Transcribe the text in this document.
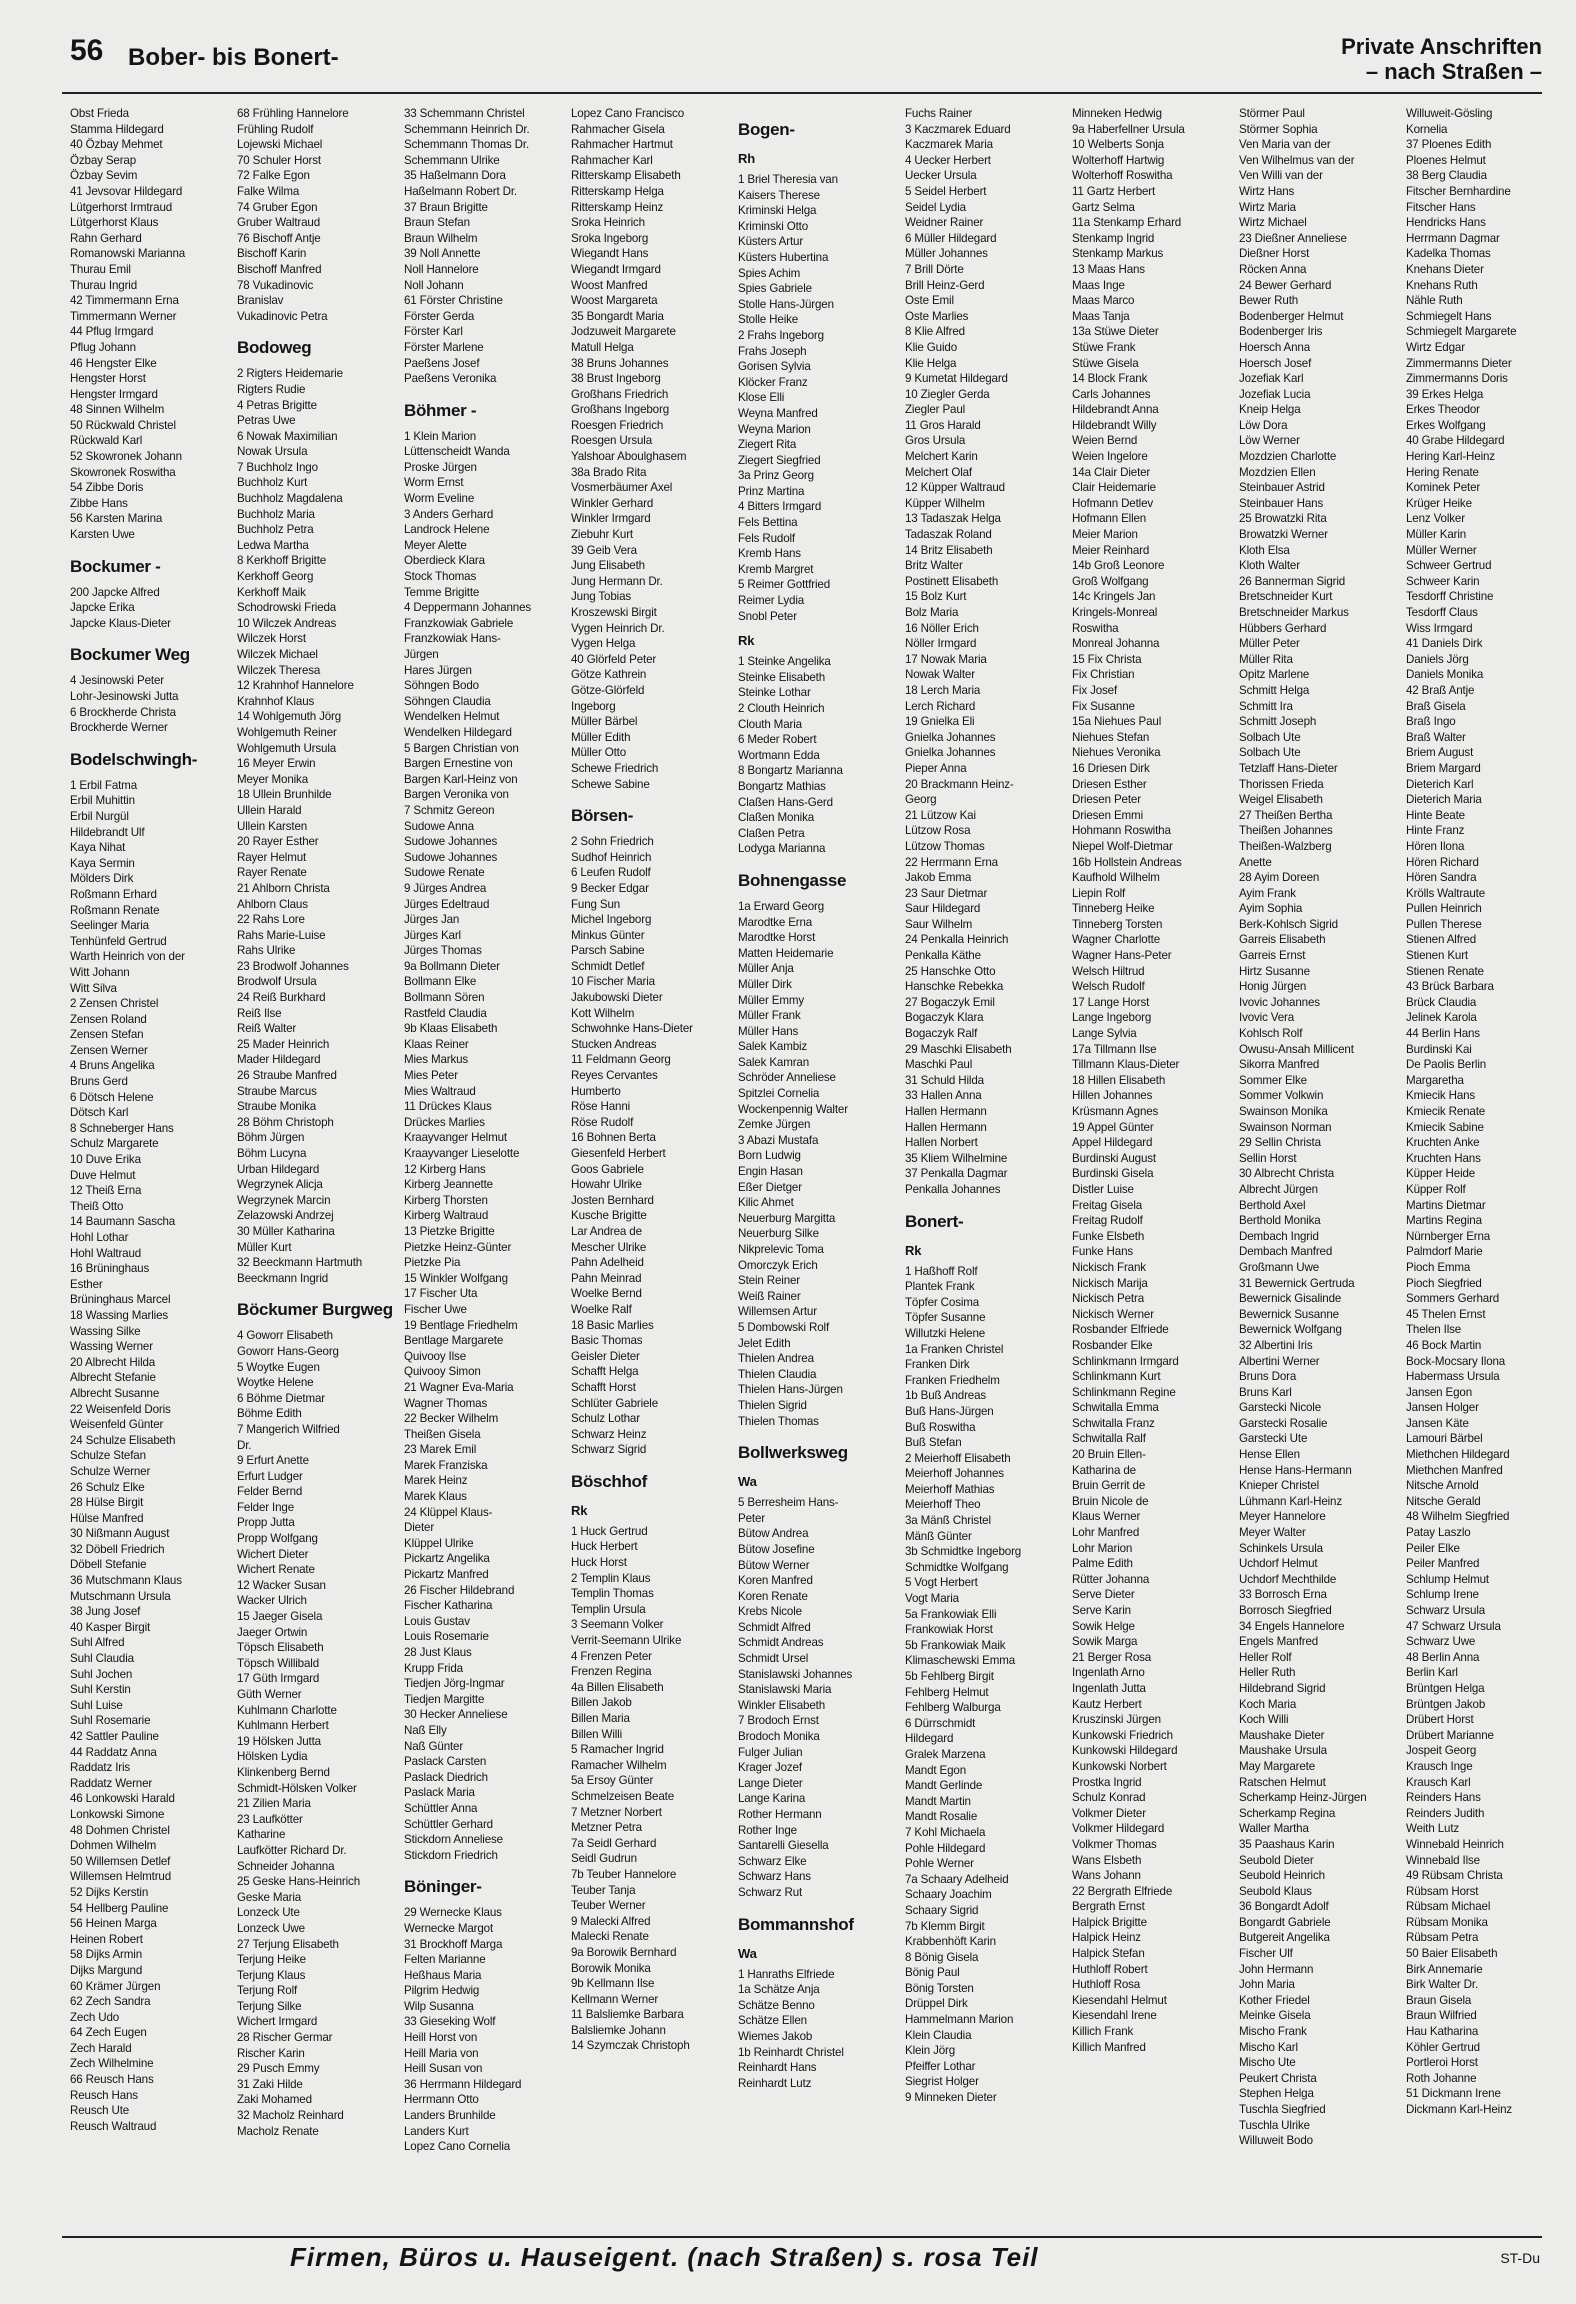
56 Bober- bis Bonert-	Private Anschriften
– nach Straßen –
Obst Frieda
Stamma Hildegard
40 Özbay Mehmet
Özbay Serap
Özbay Sevim
41 Jevsovar Hildegard
Lütgerhorst Irmtraud
Lütgerhorst Klaus
Rahn Gerhard
Romanowski Marianna
Thurau Emil
Thurau Ingrid
42 Timmermann Erna
Timmermann Werner
44 Pflug Irmgard
Pflug Johann
46 Hengster Elke
Hengster Horst
Hengster Irmgard
48 Sinnen Wilhelm
50 Rückwald Christel
Rückwald Karl
52 Skowronek Johann
Skowronek Roswitha
54 Zibbe Doris
Zibbe Hans
56 Karsten Marina
Karsten Uwe
Bockumer -
200 Japcke Alfred
Japcke Erika
Japcke Klaus-Dieter
Bockumer Weg
4 Jesinowski Peter
Lohr-Jesinowski Jutta
6 Brockherde Christa
Brockherde Werner
Bodelschwingh-
1 Erbil Fatma
Erbil Muhittin
Erbil Nurgül
Hildebrandt Ulf
Kaya Nihat
Kaya Sermin
Mölders Dirk
Roßmann Erhard
Roßmann Renate
Seelinger Maria
Tenhünfeld Gertrud
Warth Heinrich von der
Witt Johann
Witt Silva
2 Zensen Christel
Zensen Roland
Zensen Stefan
Zensen Werner
4 Bruns Angelika
Bruns Gerd
6 Dötsch Helene
Dötsch Karl
8 Schneberger Hans
Schulz Margarete
10 Duve Erika
Duve Helmut
12 Theiß Erna
Theiß Otto
14 Baumann Sascha
Hohl Lothar
Hohl Waltraud
16 Brüninghaus
Esther
Brüninghaus Marcel
18 Wassing Marlies
Wassing Silke
Wassing Werner
20 Albrecht Hilda
Albrecht Stefanie
Albrecht Susanne
22 Weisenfeld Doris
Weisenfeld Günter
24 Schulze Elisabeth
Schulze Stefan
Schulze Werner
26 Schulz Elke
28 Hülse Birgit
Hülse Manfred
30 Nißmann August
32 Döbell Friedrich
Döbell Stefanie
36 Mutschmann Klaus
Mutschmann Ursula
38 Jung Josef
40 Kasper Birgit
Suhl Alfred
Suhl Claudia
Suhl Jochen
Suhl Kerstin
Suhl Luise
Suhl Rosemarie
42 Sattler Pauline
44 Raddatz Anna
Raddatz Iris
Raddatz Werner
46 Lonkowski Harald
Lonkowski Simone
48 Dohmen Christel
Dohmen Wilhelm
50 Willemsen Detlef
Willemsen Helmtrud
52 Dijks Kerstin
54 Hellberg Pauline
56 Heinen Marga
Heinen Robert
58 Dijks Armin
Dijks Margund
60 Krämer Jürgen
62 Zech Sandra
Zech Udo
64 Zech Eugen
Zech Harald
Zech Wilhelmine
66 Reusch Hans
Reusch Hans
Reusch Ute
Reusch Waltraud
68 Frühling Hannelore
Frühling Rudolf
Lojewski Michael
70 Schuler Horst
72 Falke Egon
Falke Wilma
74 Gruber Egon
Gruber Waltraud
76 Bischoff Antje
Bischoff Karin
Bischoff Manfred
78 Vukadinovic
Branislav
Vukadinovic Petra
Bodoweg
2 Rigters Heidemarie
Rigters Rudie
4 Petras Brigitte
Petras Uwe
6 Nowak Maximilian
Nowak Ursula
7 Buchholz Ingo
Buchholz Kurt
Buchholz Magdalena
Buchholz Maria
Buchholz Petra
Ledwa Martha
8 Kerkhoff Brigitte
Kerkhoff Georg
Kerkhoff Maik
Schodrowski Frieda
10 Wilczek Andreas
Wilczek Horst
Wilczek Michael
Wilczek Theresa
12 Krahnhof Hannelore
Krahnhof Klaus
14 Wohlgemuth Jörg
Wohlgemuth Reiner
Wohlgemuth Ursula
16 Meyer Erwin
Meyer Monika
18 Ullein Brunhilde
Ullein Harald
Ullein Karsten
20 Rayer Esther
Rayer Helmut
Rayer Renate
21 Ahlborn Christa
Ahlborn Claus
22 Rahs Lore
Rahs Marie-Luise
Rahs Ulrike
23 Brodwolf Johannes
Brodwolf Ursula
24 Reiß Burkhard
Reiß Ilse
Reiß Walter
25 Mader Heinrich
Mader Hildegard
26 Straube Manfred
Straube Marcus
Straube Monika
28 Böhm Christoph
Böhm Jürgen
Böhm Lucyna
Urban Hildegard
Wegrzynek Alicja
Wegrzynek Marcin
Zelazowski Andrzej
30 Müller Katharina
Müller Kurt
32 Beeckmann Hartmuth
Beeckmann Ingrid
Böckumer Burgweg
4 Goworr Elisabeth
Goworr Hans-Georg
5 Woytke Eugen
Woytke Helene
6 Böhme Dietmar
Böhme Edith
7 Mangerich Wilfried
Dr.
9 Erfurt Anette
Erfurt Ludger
Felder Bernd
Felder Inge
Propp Jutta
Propp Wolfgang
Wichert Dieter
Wichert Renate
12 Wacker Susan
Wacker Ulrich
15 Jaeger Gisela
Jaeger Ortwin
Töpsch Elisabeth
Töpsch Willibald
17 Güth Irmgard
Güth Werner
Kuhlmann Charlotte
Kuhlmann Herbert
19 Hölsken Jutta
Hölsken Lydia
Klinkenberg Bernd
Schmidt-Hölsken Volker
21 Zilien Maria
23 Laufkötter
Katharine
Laufkötter Richard Dr.
Schneider Johanna
25 Geske Hans-Heinrich
Geske Maria
Lonzeck Ute
Lonzeck Uwe
27 Terjung Elisabeth
Terjung Heike
Terjung Klaus
Terjung Rolf
Terjung Silke
Wichert Irmgard
28 Rischer Germar
Rischer Karin
29 Pusch Emmy
31 Zaki Hilde
Zaki Mohamed
32 Macholz Reinhard
Macholz Renate
33 Schemmann Christel
Schemmann Heinrich Dr.
Schemmann Thomas Dr.
Schemmann Ulrike
35 Haßelmann Dora
Haßelmann Robert Dr.
37 Braun Brigitte
Braun Stefan
Braun Wilhelm
39 Noll Annette
Noll Hannelore
Noll Johann
61 Förster Christine
Förster Gerda
Förster Karl
Förster Marlene
Paeßens Josef
Paeßens Veronika
Böhmer -
1 Klein Marion
Lüttenscheidt Wanda
Proske Jürgen
Worm Ernst
Worm Eveline
3 Anders Gerhard
Landrock Helene
Meyer Alette
Oberdieck Klara
Stock Thomas
Temme Brigitte
4 Deppermann Johannes
Franzkowiak Gabriele
Franzkowiak Hans-
Jürgen
Hares Jürgen
Söhngen Bodo
Söhngen Claudia
Wendelken Helmut
Wendelken Hildegard
5 Bargen Christian von
Bargen Ernestine von
Bargen Karl-Heinz von
Bargen Veronika von
7 Schmitz Gereon
Sudowe Anna
Sudowe Johannes
Sudowe Johannes
Sudowe Renate
9 Jürges Andrea
Jürges Edeltraud
Jürges Jan
Jürges Karl
Jürges Thomas
9a Bollmann Dieter
Bollmann Elke
Bollmann Sören
Rastfeld Claudia
9b Klaas Elisabeth
Klaas Reiner
Mies Markus
Mies Peter
Mies Waltraud
11 Drückes Klaus
Drückes Marlies
Kraayvanger Helmut
Kraayvanger Lieselotte
12 Kirberg Hans
Kirberg Jeannette
Kirberg Thorsten
Kirberg Waltraud
13 Pietzke Brigitte
Pietzke Heinz-Günter
Pietzke Pia
15 Winkler Wolfgang
17 Fischer Uta
Fischer Uwe
19 Bentlage Friedhelm
Bentlage Margarete
Quivooy Ilse
Quivooy Simon
21 Wagner Eva-Maria
Wagner Thomas
22 Becker Wilhelm
Theißen Gisela
23 Marek Emil
Marek Franziska
Marek Heinz
Marek Klaus
24 Klüppel Klaus-
Dieter
Klüppel Ulrike
Pickartz Angelika
Pickartz Manfred
26 Fischer Hildebrand
Fischer Katharina
Louis Gustav
Louis Rosemarie
28 Just Klaus
Krupp Frida
Tiedjen Jörg-Ingmar
Tiedjen Margitte
30 Hecker Anneliese
Naß Elly
Naß Günter
Paslack Carsten
Paslack Diedrich
Paslack Maria
Schüttler Anna
Schüttler Gerhard
Stickdorn Anneliese
Stickdorn Friedrich
Böninger-
29 Wernecke Klaus
Wernecke Margot
31 Brockhoff Marga
Felten Marianne
Heßhaus Maria
Pilgrim Hedwig
Wilp Susanna
33 Gieseking Wolf
Heill Horst von
Heill Maria von
Heill Susan von
36 Herrmann Hildegard
Herrmann Otto
Landers Brunhilde
Landers Kurt
Lopez Cano Cornelia
Lopez Cano Francisco
Rahmacher Gisela
Rahmacher Hartmut
Rahmacher Karl
Ritterskamp Elisabeth
Ritterskamp Helga
Ritterskamp Heinz
Sroka Heinrich
Sroka Ingeborg
Wiegandt Hans
Wiegandt Irmgard
Woost Manfred
Woost Margareta
35 Bongardt Maria
Jodzuweit Margarete
Matull Helga
38 Bruns Johannes
38 Brust Ingeborg
Großhans Friedrich
Großhans Ingeborg
Roesgen Friedrich
Roesgen Ursula
Yalshoar Aboulghasem
38a Brado Rita
Vosmerbäumer Axel
Winkler Gerhard
Winkler Irmgard
Ziebuhr Kurt
39 Geib Vera
Jung Elisabeth
Jung Hermann Dr.
Jung Tobias
Kroszewski Birgit
Vygen Heinrich Dr.
Vygen Helga
40 Glörfeld Peter
Götze Kathrein
Götze-Glörfeld
Ingeborg
Müller Bärbel
Müller Edith
Müller Otto
Schewe Friedrich
Schewe Sabine
Börsen-
2 Sohn Friedrich
Sudhof Heinrich
6 Leufen Rudolf
9 Becker Edgar
Fung Sun
Michel Ingeborg
Minkus Günter
Parsch Sabine
Schmidt Detlef
10 Fischer Maria
Jakubowski Dieter
Kott Wilhelm
Schwohnke Hans-Dieter
Stucken Andreas
11 Feldmann Georg
Reyes Cervantes
Humberto
Röse Hanni
Röse Rudolf
16 Bohnen Berta
Giesenfeld Herbert
Goos Gabriele
Howahr Ulrike
Josten Bernhard
Kusche Brigitte
Lar Andrea de
Mescher Ulrike
Pahn Adelheid
Pahn Meinrad
Woelke Bernd
Woelke Ralf
18 Basic Marlies
Basic Thomas
Geisler Dieter
Schafft Helga
Schafft Horst
Schlüter Gabriele
Schulz Lothar
Schwarz Heinz
Schwarz Sigrid
Böschhof
Rk
1 Huck Gertrud
Huck Herbert
Huck Horst
2 Templin Klaus
Templin Thomas
Templin Ursula
3 Seemann Volker
Verrit-Seemann Ulrike
4 Frenzen Peter
Frenzen Regina
4a Billen Elisabeth
Billen Jakob
Billen Maria
Billen Willi
5 Ramacher Ingrid
Ramacher Wilhelm
5a Ersoy Günter
Schmelzeisen Beate
7 Metzner Norbert
Metzner Petra
7a Seidl Gerhard
Seidl Gudrun
7b Teuber Hannelore
Teuber Tanja
Teuber Werner
9 Malecki Alfred
Malecki Renate
9a Borowik Bernhard
Borowik Monika
9b Kellmann Ilse
Kellmann Werner
11 Balsliemke Barbara
Balsliemke Johann
14 Szymczak Christoph
Bogen-
Rh
1 Briel Theresia van
Kaisers Therese
Kriminski Helga
Kriminski Otto
Küsters Artur
Küsters Hubertina
Spies Achim
Spies Gabriele
Stolle Hans-Jürgen
Stolle Heike
2 Frahs Ingeborg
Frahs Joseph
Gorisen Sylvia
Klöcker Franz
Klose Elli
Weyna Manfred
Weyna Marion
Ziegert Rita
Ziegert Siegfried
3a Prinz Georg
Prinz Martina
4 Bitters Irmgard
Fels Bettina
Fels Rudolf
Kremb Hans
Kremb Margret
5 Reimer Gottfried
Reimer Lydia
Snobl Peter
Rk
1 Steinke Angelika
Steinke Elisabeth
Steinke Lothar
2 Clouth Heinrich
Clouth Maria
6 Meder Robert
Wortmann Edda
8 Bongartz Marianna
Bongartz Mathias
Claßen Hans-Gerd
Claßen Monika
Claßen Petra
Lodyga Marianna
Bohnengasse
1a Erward Georg
Marodtke Erna
Marodtke Horst
Matten Heidemarie
Müller Anja
Müller Dirk
Müller Emmy
Müller Frank
Müller Hans
Salek Kambiz
Salek Kamran
Schröder Anneliese
Spitzlei Cornelia
Wockenpennig Walter
Zemke Jürgen
3 Abazi Mustafa
Born Ludwig
Engin Hasan
Eßer Dietger
Kilic Ahmet
Neuerburg Margitta
Neuerburg Silke
Nikprelevic Toma
Omorczyk Erich
Stein Reiner
Weiß Rainer
Willemsen Artur
5 Dombowski Rolf
Jelet Edith
Thielen Andrea
Thielen Claudia
Thielen Hans-Jürgen
Thielen Sigrid
Thielen Thomas
Bollwerksweg
Wa
5 Berresheim Hans-
Peter
Bütow Andrea
Bütow Josefine
Bütow Werner
Koren Manfred
Koren Renate
Krebs Nicole
Schmidt Alfred
Schmidt Andreas
Schmidt Ursel
Stanislawski Johannes
Stanislawski Maria
Winkler Elisabeth
7 Brodoch Ernst
Brodoch Monika
Fulger Julian
Krager Jozef
Lange Dieter
Lange Karina
Rother Hermann
Rother Inge
Santarelli Giesella
Schwarz Elke
Schwarz Hans
Schwarz Rut
Bommannshof
Wa
1 Hanraths Elfriede
1a Schätze Anja
Schätze Benno
Schätze Ellen
Wiemes Jakob
1b Reinhardt Christel
Reinhardt Hans
Reinhardt Lutz
Fuchs Rainer
3 Kaczmarek Eduard
Kaczmarek Maria
4 Uecker Herbert
Uecker Ursula
5 Seidel Herbert
Seidel Lydia
Weidner Rainer
6 Müller Hildegard
Müller Johannes
7 Brill Dörte
Brill Heinz-Gerd
Oste Emil
Oste Marlies
8 Klie Alfred
Klie Guido
Klie Helga
9 Kumetat Hildegard
10 Ziegler Gerda
Ziegler Paul
11 Gros Harald
Gros Ursula
Melchert Karin
Melchert Olaf
12 Küpper Waltraud
Küpper Wilhelm
13 Tadaszak Helga
Tadaszak Roland
14 Britz Elisabeth
Britz Walter
Postinett Elisabeth
15 Bolz Kurt
Bolz Maria
16 Nöller Erich
Nöller Irmgard
17 Nowak Maria
Nowak Walter
18 Lerch Maria
Lerch Richard
19 Gnielka Eli
Gnielka Johannes
Gnielka Johannes
Pieper Anna
20 Brackmann Heinz-
Georg
21 Lützow Kai
Lützow Rosa
Lützow Thomas
22 Herrmann Erna
Jakob Emma
23 Saur Dietmar
Saur Hildegard
Saur Wilhelm
24 Penkalla Heinrich
Penkalla Käthe
25 Hanschke Otto
Hanschke Rebekka
27 Bogaczyk Emil
Bogaczyk Klara
Bogaczyk Ralf
29 Maschki Elisabeth
Maschki Paul
31 Schuld Hilda
33 Hallen Anna
Hallen Hermann
Hallen Hermann
Hallen Norbert
35 Kliem Wilhelmine
37 Penkalla Dagmar
Penkalla Johannes
Bonert-
Rk
1 Haßhoff Rolf
Plantek Frank
Töpfer Cosima
Töpfer Susanne
Willutzki Helene
1a Franken Christel
Franken Dirk
Franken Friedhelm
1b Buß Andreas
Buß Hans-Jürgen
Buß Roswitha
Buß Stefan
2 Meierhoff Elisabeth
Meierhoff Johannes
Meierhoff Mathias
Meierhoff Theo
3a Mänß Christel
Mänß Günter
3b Schmidtke Ingeborg
Schmidtke Wolfgang
5 Vogt Herbert
Vogt Maria
5a Frankowiak Elli
Frankowiak Horst
5b Frankowiak Maik
Klimaschewski Emma
5b Fehlberg Birgit
Fehlberg Helmut
Fehlberg Walburga
6 Dürrschmidt
Hildegard
Gralek Marzena
Mandt Egon
Mandt Gerlinde
Mandt Martin
Mandt Rosalie
7 Kohl Michaela
Pohle Hildegard
Pohle Werner
7a Schaary Adelheid
Schaary Joachim
Schaary Sigrid
7b Klemm Birgit
Krabbenhöft Karin
8 Bönig Gisela
Bönig Paul
Bönig Torsten
Drüppel Dirk
Hammelmann Marion
Klein Claudia
Klein Jörg
Pfeiffer Lothar
Siegrist Holger
9 Minneken Dieter
Minneken Hedwig
9a Haberfellner Ursula
10 Welberts Sonja
Wolterhoff Hartwig
Wolterhoff Roswitha
11 Gartz Herbert
Gartz Selma
11a Stenkamp Erhard
Stenkamp Ingrid
Stenkamp Markus
13 Maas Hans
Maas Inge
Maas Marco
Maas Tanja
13a Stüwe Dieter
Stüwe Frank
Stüwe Gisela
14 Block Frank
Carls Johannes
Hildebrandt Anna
Hildebrandt Willy
Weien Bernd
Weien Ingelore
14a Clair Dieter
Clair Heidemarie
Hofmann Detlev
Hofmann Ellen
Meier Marion
Meier Reinhard
14b Groß Leonore
Groß Wolfgang
14c Kringels Jan
Kringels-Monreal
Roswitha
Monreal Johanna
15 Fix Christa
Fix Christian
Fix Josef
Fix Susanne
15a Niehues Paul
Niehues Stefan
Niehues Veronika
16 Driesen Dirk
Driesen Esther
Driesen Peter
Driesen Emmi
Hohmann Roswitha
Niepel Wolf-Dietmar
16b Hollstein Andreas
Kaufhold Wilhelm
Liepin Rolf
Tinneberg Heike
Tinneberg Torsten
Wagner Charlotte
Wagner Hans-Peter
Welsch Hiltrud
Welsch Rudolf
17 Lange Horst
Lange Ingeborg
Lange Sylvia
17a Tillmann Ilse
Tillmann Klaus-Dieter
18 Hillen Elisabeth
Hillen Johannes
Krüsmann Agnes
19 Appel Günter
Appel Hildegard
Burdinski August
Burdinski Gisela
Distler Luise
Freitag Gisela
Freitag Rudolf
Funke Elsbeth
Funke Hans
Nickisch Frank
Nickisch Marija
Nickisch Petra
Nickisch Werner
Rosbander Elfriede
Rosbander Elke
Schlinkmann Irmgard
Schlinkmann Kurt
Schlinkmann Regine
Schwitalla Emma
Schwitalla Franz
Schwitalla Ralf
20 Bruin Ellen-
Katharina de
Bruin Gerrit de
Bruin Nicole de
Klaus Werner
Lohr Manfred
Lohr Marion
Palme Edith
Rütter Johanna
Serve Dieter
Serve Karin
Sowik Helge
Sowik Marga
21 Berger Rosa
Ingenlath Arno
Ingenlath Jutta
Kautz Herbert
Kruszinski Jürgen
Kunkowski Friedrich
Kunkowski Hildegard
Kunkowski Norbert
Prostka Ingrid
Schulz Konrad
Volkmer Dieter
Volkmer Hildegard
Volkmer Thomas
Wans Elsbeth
Wans Johann
22 Bergrath Elfriede
Bergrath Ernst
Halpick Brigitte
Halpick Heinz
Halpick Stefan
Huthloff Robert
Huthloff Rosa
Kiesendahl Helmut
Kiesendahl Irene
Killich Frank
Killich Manfred
Störmer Paul
Störmer Sophia
Ven Maria van der
Ven Wilhelmus van der
Ven Willi van der
Wirtz Hans
Wirtz Maria
Wirtz Michael
23 Dießner Anneliese
Dießner Horst
Röcken Anna
24 Bewer Gerhard
Bewer Ruth
Bodenberger Helmut
Bodenberger Iris
Hoersch Anna
Hoersch Josef
Jozefiak Karl
Jozefiak Lucia
Kneip Helga
Löw Dora
Löw Werner
Mozdzien Charlotte
Mozdzien Ellen
Steinbauer Astrid
Steinbauer Hans
25 Browatzki Rita
Browatzki Werner
Kloth Elsa
Kloth Walter
26 Bannerman Sigrid
Bretschneider Kurt
Bretschneider Markus
Hübbers Gerhard
Müller Peter
Müller Rita
Opitz Marlene
Schmitt Helga
Schmitt Ira
Schmitt Joseph
Solbach Ute
Solbach Ute
Tetzlaff Hans-Dieter
Thorissen Frieda
Weigel Elisabeth
27 Theißen Bertha
Theißen Johannes
Theißen-Walzberg
Anette
28 Ayim Doreen
Ayim Frank
Ayim Sophia
Berk-Kohlsch Sigrid
Garreis Elisabeth
Garreis Ernst
Hirtz Susanne
Honig Jürgen
Ivovic Johannes
Ivovic Vera
Kohlsch Rolf
Owusu-Ansah Millicent
Sikorra Manfred
Sommer Elke
Sommer Volkwin
Swainson Monika
Swainson Norman
29 Sellin Christa
Sellin Horst
30 Albrecht Christa
Albrecht Jürgen
Berthold Axel
Berthold Monika
Dembach Ingrid
Dembach Manfred
Großmann Uwe
31 Bewernick Gertruda
Bewernick Gisalinde
Bewernick Susanne
Bewernick Wolfgang
32 Albertini Iris
Albertini Werner
Bruns Dora
Bruns Karl
Garstecki Nicole
Garstecki Rosalie
Garstecki Ute
Hense Ellen
Hense Hans-Hermann
Knieper Christel
Lühmann Karl-Heinz
Meyer Hannelore
Meyer Walter
Schinkels Ursula
Uchdorf Helmut
Uchdorf Mechthilde
33 Borrosch Erna
Borrosch Siegfried
34 Engels Hannelore
Engels Manfred
Heller Rolf
Heller Ruth
Hildebrand Sigrid
Koch Maria
Koch Willi
Maushake Dieter
Maushake Ursula
May Margarete
Ratschen Helmut
Scherkamp Heinz-Jürgen
Scherkamp Regina
Waller Martha
35 Paashaus Karin
Seubold Dieter
Seubold Heinrich
Seubold Klaus
36 Bongardt Adolf
Bongardt Gabriele
Butgereit Angelika
Fischer Ulf
John Hermann
John Maria
Kother Friedel
Meinke Gisela
Mischo Frank
Mischo Karl
Mischo Ute
Peukert Christa
Stephen Helga
Tuschla Siegfried
Tuschla Ulrike
Willuweit Bodo
Willuweit-Gösling
Kornelia
37 Ploenes Edith
Ploenes Helmut
38 Berg Claudia
Fitscher Bernhardine
Fitscher Hans
Hendricks Hans
Herrmann Dagmar
Kadelka Thomas
Knehans Dieter
Knehans Ruth
Nähle Ruth
Schmiegelt Hans
Schmiegelt Margarete
Wirtz Edgar
Zimmermanns Dieter
Zimmermanns Doris
39 Erkes Helga
Erkes Theodor
Erkes Wolfgang
40 Grabe Hildegard
Hering Karl-Heinz
Hering Renate
Kominek Peter
Krüger Heike
Lenz Volker
Müller Karin
Müller Werner
Schweer Gertrud
Schweer Karin
Tesdorff Christine
Tesdorff Claus
Wiss Irmgard
41 Daniels Dirk
Daniels Jörg
Daniels Monika
42 Braß Antje
Braß Gisela
Braß Ingo
Braß Walter
Briem August
Briem Margard
Dieterich Karl
Dieterich Maria
Hinte Beate
Hinte Franz
Hören Ilona
Hören Richard
Hören Sandra
Krölls Waltraute
Pullen Heinrich
Pullen Therese
Stienen Alfred
Stienen Kurt
Stienen Renate
43 Brück Barbara
Brück Claudia
Jelinek Karola
44 Berlin Hans
Burdinski Kai
De Paolis Berlin
Margaretha
Kmiecik Hans
Kmiecik Renate
Kmiecik Sabine
Kruchten Anke
Kruchten Hans
Küpper Heide
Küpper Rolf
Martins Dietmar
Martins Regina
Nürnberger Erna
Palmdorf Marie
Pioch Emma
Pioch Siegfried
Sommers Gerhard
45 Thelen Ernst
Thelen Ilse
46 Bock Martin
Bock-Mocsary Ilona
Habermass Ursula
Jansen Egon
Jansen Holger
Jansen Käte
Lamouri Bärbel
Miethchen Hildegard
Miethchen Manfred
Nitsche Arnold
Nitsche Gerald
48 Wilhelm Siegfried
Patay Laszlo
Peiler Elke
Peiler Manfred
Schlump Helmut
Schlump Irene
Schwarz Ursula
47 Schwarz Ursula
Schwarz Uwe
48 Berlin Anna
Berlin Karl
Brüntgen Helga
Brüntgen Jakob
Drübert Horst
Drübert Marianne
Jospeit Georg
Krausch Inge
Krausch Karl
Reinders Hans
Reinders Judith
Weith Lutz
Winnebald Heinrich
Winnebald Ilse
49 Rübsam Christa
Rübsam Horst
Rübsam Michael
Rübsam Monika
Rübsam Petra
50 Baier Elisabeth
Birk Annemarie
Birk Walter Dr.
Braun Gisela
Braun Wilfried
Hau Katharina
Köhler Gertrud
Portleroi Horst
Roth Johanne
51 Dickmann Irene
Dickmann Karl-Heinz
Firmen, Büros u. Hauseigent. (nach Straßen) s. rosa Teil	ST-Du
